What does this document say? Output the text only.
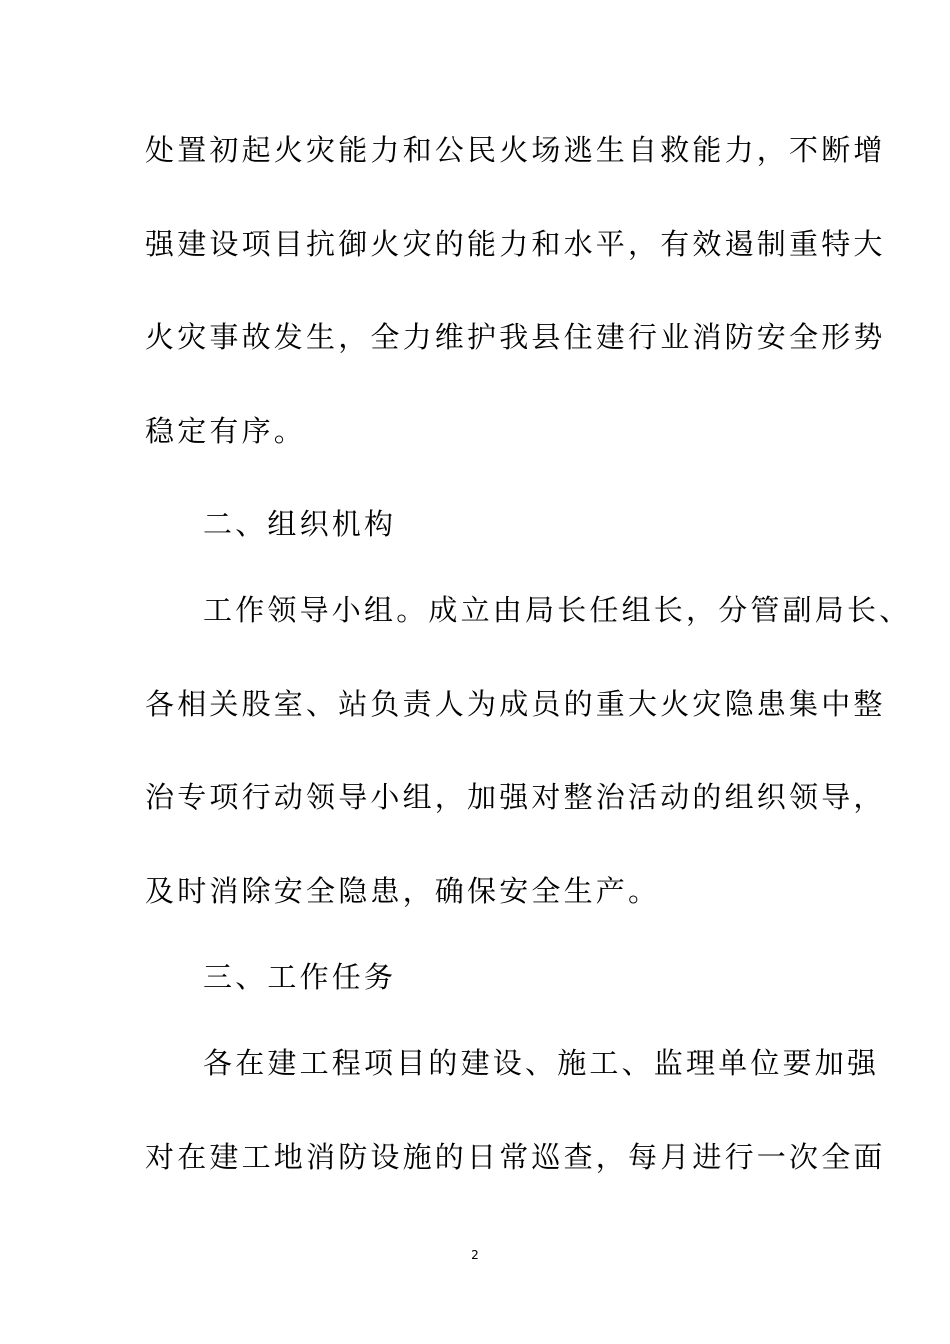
处置初起火灾能力和公民火场逃生自救能力，不断增
强建设项目抗御火灾的能力和水平，有效遏制重特大
火灾事故发生，全力维护我县住建行业消防安全形势
稳定有序。
二、组织机构
工作领导小组。成立由局长任组长，分管副局长、
各相关股室、站负责人为成员的重大火灾隐患集中整
治专项行动领导小组，加强对整治活动的组织领导，
及时消除安全隐患，确保安全生产。
三、工作任务
各在建工程项目的建设、施工、监理单位要加强
对在建工地消防设施的日常巡查，每月进行一次全面
2
